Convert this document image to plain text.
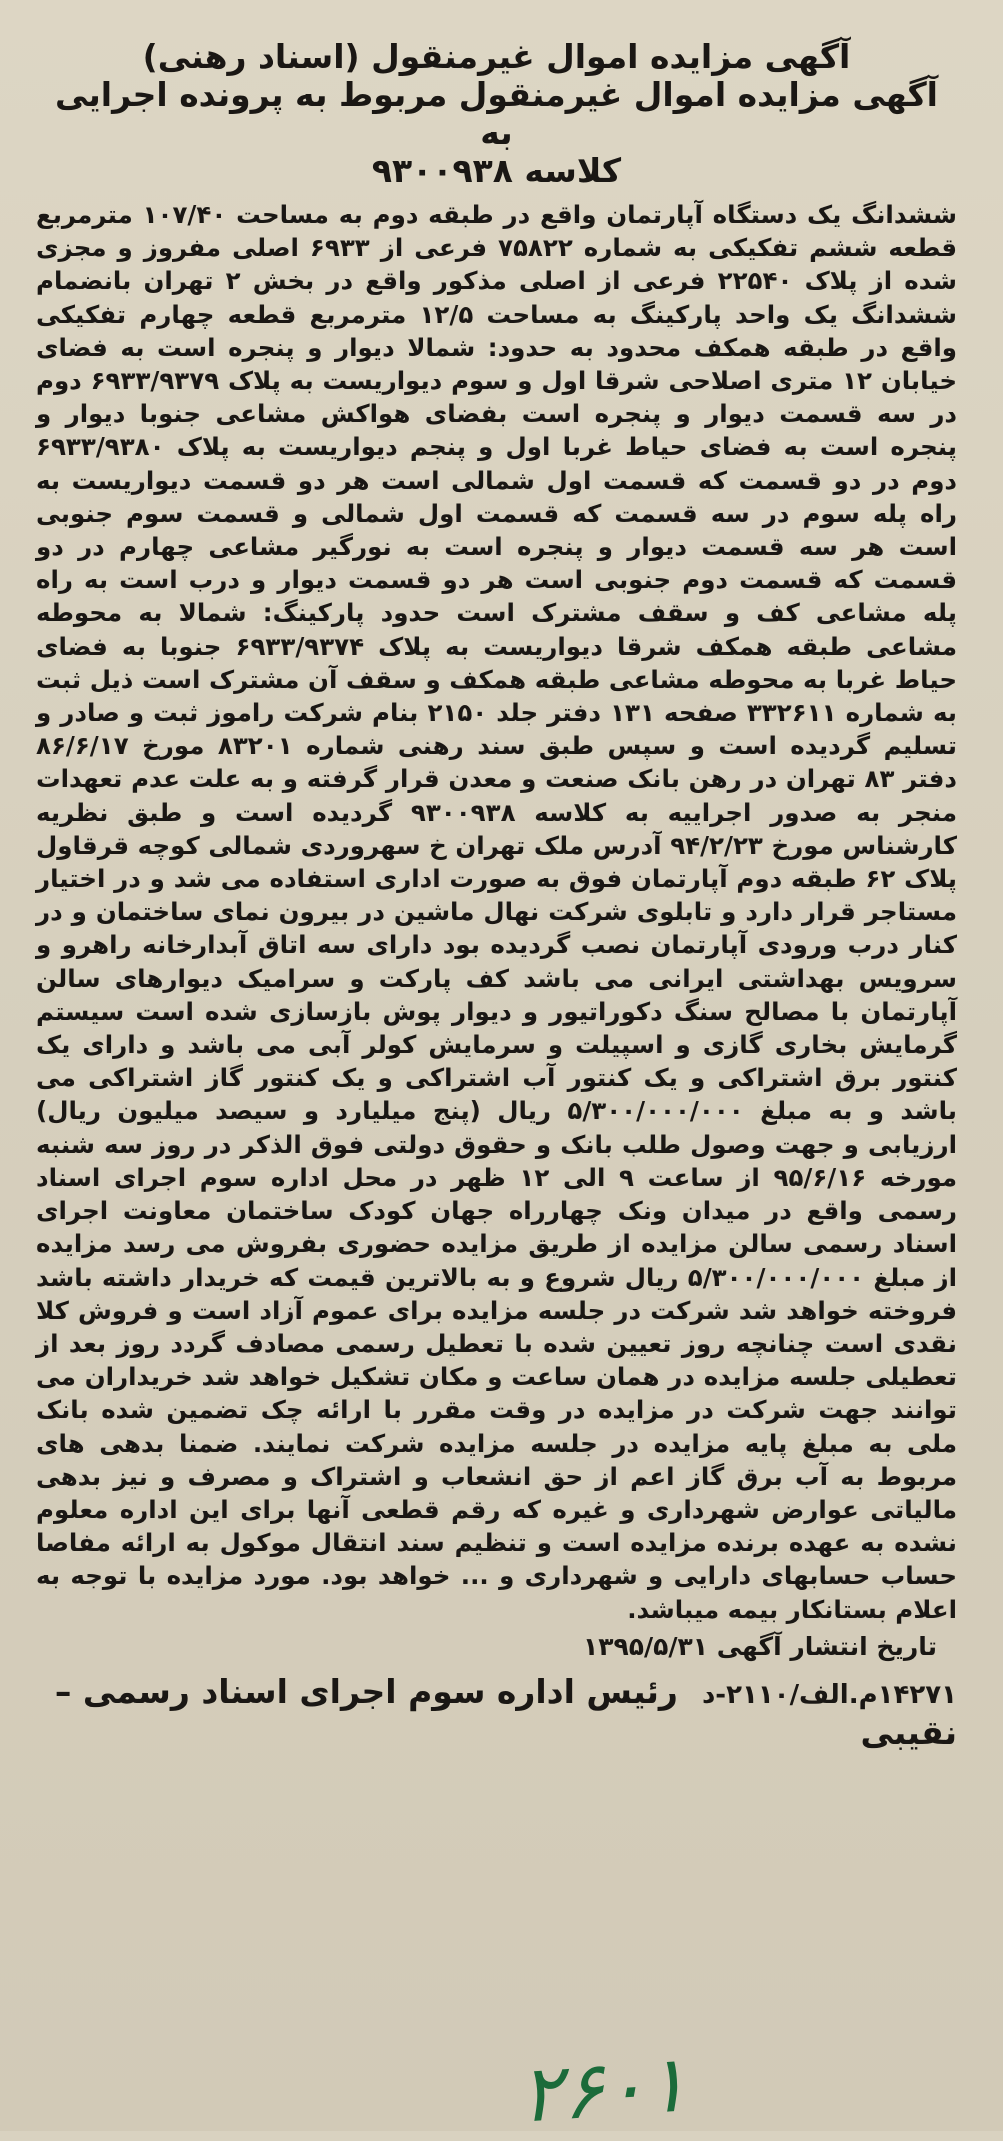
آگهی مزایده اموال غیرمنقول (اسناد رهنی)

آگهی مزایده اموال غیرمنقول مربوط به پرونده اجرایی به

کلاسه ۹۳۰۰۹۳۸

ششدانگ یک دستگاه آپارتمان واقع در طبقه دوم به مساحت ۱۰۷/۴۰ مترمربع قطعه ششم تفکیکی به شماره ۷۵۸۲۲ فرعی از ۶۹۳۳ اصلی مفروز و مجزی شده از پلاک ۲۲۵۴۰ فرعی از اصلی مذکور واقع در بخش ۲ تهران بانضمام ششدانگ یک واحد پارکینگ به مساحت ۱۲/۵ مترمربع قطعه چهارم تفکیکی واقع در طبقه همکف محدود به حدود: شمالا دیوار و پنجره است به فضای خیابان ۱۲ متری اصلاحی شرقا اول و سوم دیواریست به پلاک ۶۹۳۳/۹۳۷۹ دوم در سه قسمت دیوار و پنجره است بفضای هواکش مشاعی جنوبا دیوار و پنجره است به فضای حیاط غربا اول و پنجم دیواریست به پلاک ۶۹۳۳/۹۳۸۰ دوم در دو قسمت که قسمت اول شمالی است هر دو قسمت دیواریست به راه پله سوم در سه قسمت که قسمت اول شمالی و قسمت سوم جنوبی است هر سه قسمت دیوار و پنجره است به نورگیر مشاعی چهارم در دو قسمت که قسمت دوم جنوبی است هر دو قسمت دیوار و درب است به راه پله مشاعی کف و سقف مشترک است حدود پارکینگ: شمالا به محوطه مشاعی طبقه همکف شرقا دیواریست به پلاک ۶۹۳۳/۹۳۷۴ جنوبا به فضای حیاط غربا به محوطه مشاعی طبقه همکف و سقف آن مشترک است ذیل ثبت به شماره ۳۳۲۶۱۱ صفحه ۱۳۱ دفتر جلد ۲۱۵۰ بنام شرکت راموز ثبت و صادر و تسلیم گردیده است و سپس طبق سند رهنی شماره ۸۳۲۰۱ مورخ ۸۶/۶/۱۷ دفتر ۸۳ تهران در رهن بانک صنعت و معدن قرار گرفته و به علت عدم تعهدات منجر به صدور اجراییه به کلاسه ۹۳۰۰۹۳۸ گردیده است و طبق نظریه کارشناس مورخ ۹۴/۲/۲۳ آدرس ملک تهران خ سهروردی شمالی کوچه قرقاول پلاک ۶۲ طبقه دوم آپارتمان فوق به صورت اداری استفاده می شد و در اختیار مستاجر قرار دارد و تابلوی شرکت نهال ماشین در بیرون نمای ساختمان و در کنار درب ورودی آپارتمان نصب گردیده بود دارای سه اتاق آبدارخانه راهرو و سرویس بهداشتی ایرانی می باشد کف پارکت و سرامیک دیوارهای سالن آپارتمان با مصالح سنگ دکوراتیور و دیوار پوش بازسازی شده است سیستم گرمایش بخاری گازی و اسپیلت و سرمایش کولر آبی می باشد و دارای یک کنتور برق اشتراکی و یک کنتور آب اشتراکی و یک کنتور گاز اشتراکی می باشد و به مبلغ ۵/۳۰۰/۰۰۰/۰۰۰ ریال (پنج میلیارد و سیصد میلیون ریال) ارزیابی و جهت وصول طلب بانک و حقوق دولتی فوق الذکر در روز سه شنبه مورخه ۹۵/۶/۱۶ از ساعت ۹ الی ۱۲ ظهر در محل اداره سوم اجرای اسناد رسمی واقع در میدان ونک چهارراه جهان کودک ساختمان معاونت اجرای اسناد رسمی سالن مزایده از طریق مزایده حضوری بفروش می رسد مزایده از مبلغ ۵/۳۰۰/۰۰۰/۰۰۰ ریال شروع و به بالاترین قیمت که خریدار داشته باشد فروخته خواهد شد شرکت در جلسه مزایده برای عموم آزاد است و فروش کلا نقدی است چنانچه روز تعیین شده با تعطیل رسمی مصادف گردد روز بعد از تعطیلی جلسه مزایده در همان ساعت و مکان تشکیل خواهد شد خریداران می توانند جهت شرکت در مزایده در وقت مقرر با ارائه چک تضمین شده بانک ملی به مبلغ پایه مزایده در جلسه مزایده شرکت نمایند. ضمنا بدهی های مربوط به آب برق گاز اعم از حق انشعاب و اشتراک و مصرف و نیز بدهی مالیاتی عوارض شهرداری و غیره که رقم قطعی آنها برای این اداره معلوم نشده به عهده برنده مزایده است و تنظیم سند انتقال موکول به ارائه مفاصا حساب حسابهای دارایی و شهرداری و ... خواهد بود. مورد مزایده با توجه به اعلام بستانکار بیمه میباشد.

تاریخ انتشار آگهی ۱۳۹۵/۵/۳۱
۱۴۲۷۱م.الف/۲۱۱۰-د
رئیس اداره سوم اجرای اسناد رسمی –
نقیبی
۲۶۰۱
